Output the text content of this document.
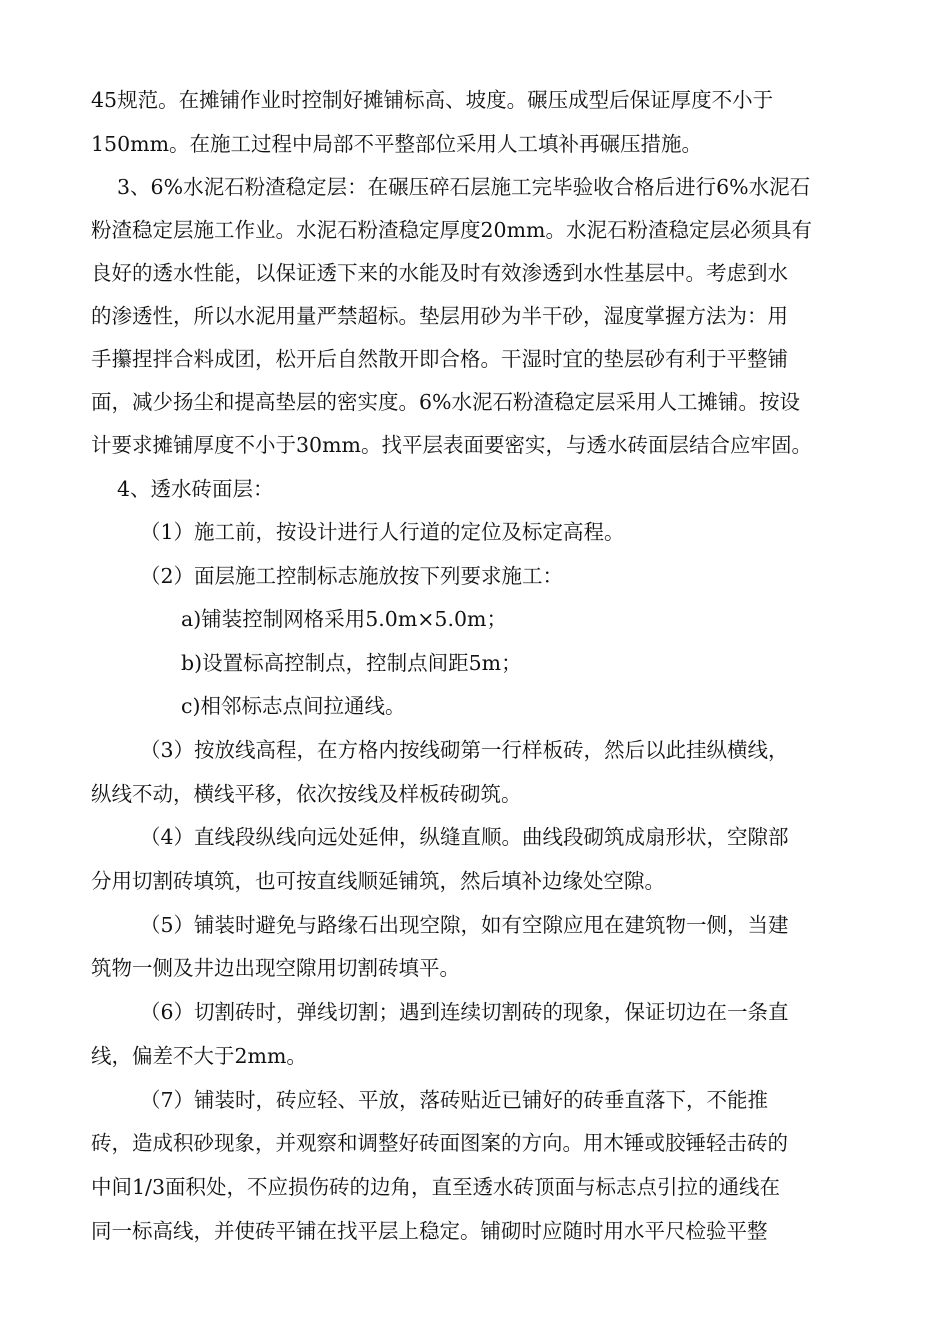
45规范。在摊铺作业时控制好摊铺标高、坡度。碾压成型后保证厚度不小于
150mm。在施工过程中局部不平整部位采用人工填补再碾压措施。
3、6%水泥石粉渣稳定层：在碾压碎石层施工完毕验收合格后进行6%水泥石
粉渣稳定层施工作业。水泥石粉渣稳定厚度20mm。水泥石粉渣稳定层必须具有
良好的透水性能，以保证透下来的水能及时有效渗透到水性基层中。考虑到水
的渗透性，所以水泥用量严禁超标。垫层用砂为半干砂，湿度掌握方法为：用
手攥捏拌合料成团，松开后自然散开即合格。干湿时宜的垫层砂有利于平整铺
面，减少扬尘和提高垫层的密实度。6%水泥石粉渣稳定层采用人工摊铺。按设
计要求摊铺厚度不小于30mm。找平层表面要密实，与透水砖面层结合应牢固。
4、透水砖面层：
（1）施工前，按设计进行人行道的定位及标定高程。
（2）面层施工控制标志施放按下列要求施工：
a)铺装控制网格采用5.0m×5.0m；
b)设置标高控制点，控制点间距5m；
c)相邻标志点间拉通线。
（3）按放线高程，在方格内按线砌第一行样板砖，然后以此挂纵横线，
纵线不动，横线平移，依次按线及样板砖砌筑。
（4）直线段纵线向远处延伸，纵缝直顺。曲线段砌筑成扇形状，空隙部
分用切割砖填筑，也可按直线顺延铺筑，然后填补边缘处空隙。
（5）铺装时避免与路缘石出现空隙，如有空隙应甩在建筑物一侧，当建
筑物一侧及井边出现空隙用切割砖填平。
（6）切割砖时，弹线切割；遇到连续切割砖的现象，保证切边在一条直
线，偏差不大于2mm。
（7）铺装时，砖应轻、平放，落砖贴近已铺好的砖垂直落下，不能推
砖，造成积砂现象，并观察和调整好砖面图案的方向。用木锤或胶锤轻击砖的
中间1/3面积处，不应损伤砖的边角，直至透水砖顶面与标志点引拉的通线在
同一标高线，并使砖平铺在找平层上稳定。铺砌时应随时用水平尺检验平整
